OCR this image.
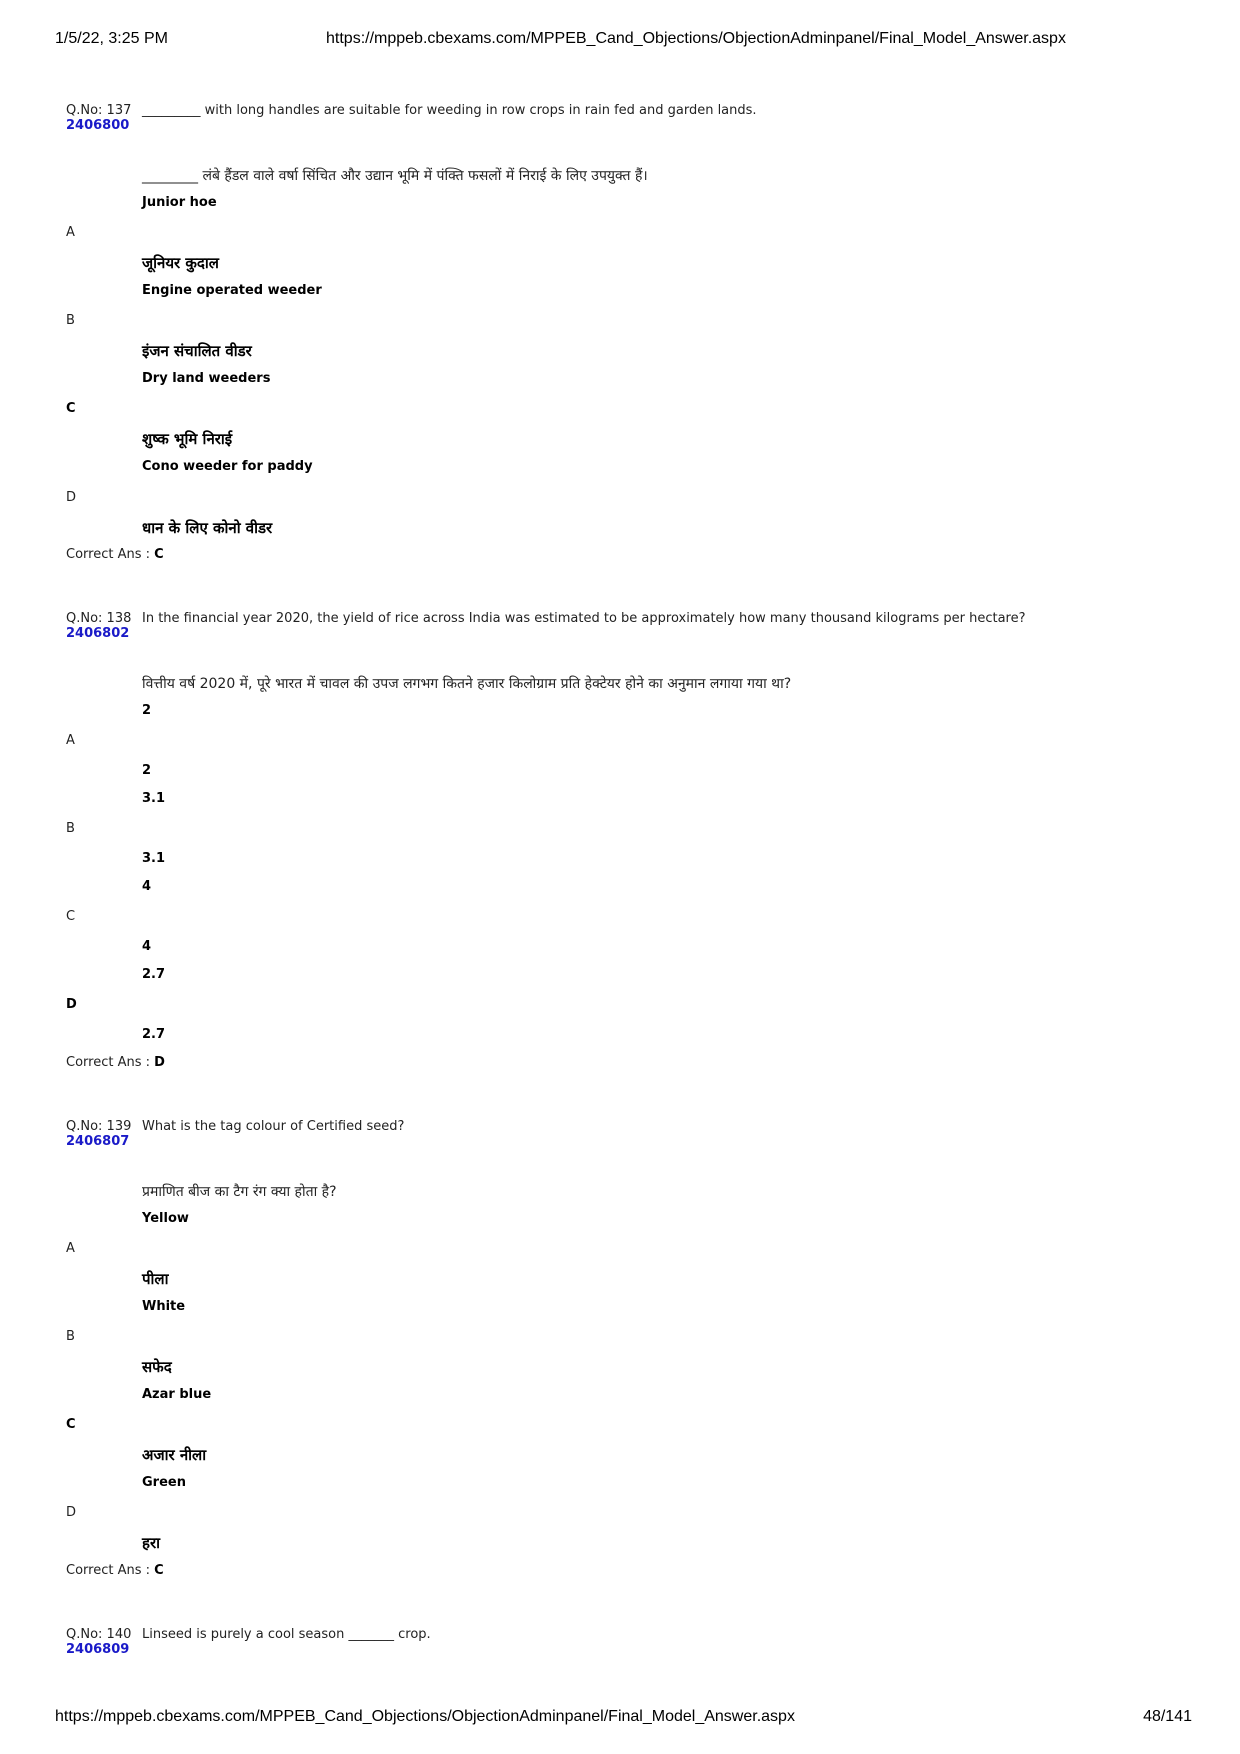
1/5/22, 3:25 PM	https://mppeb.cbexams.com/MPPEB_Cand_Objections/ObjectionAdminpanel/Final_Model_Answer.aspx
Q.No: 137
2406800
_________ with long handles are suitable for weeding in row crops in rain fed and garden lands.
________ लंबे हैंडल वाले वर्षा सिंचित और उद्यान भूमि में पंक्ति फसलों में निराई के लिए उपयुक्त हैं।
Junior hoe
A
जूनियर कुदाल
Engine operated weeder
B
इंजन संचालित वीडर
Dry land weeders
C
शुष्क भूमि निराई
Cono weeder for paddy
D
धान के लिए कोनो वीडर
Correct Ans : C
Q.No: 138
2406802
In the financial year 2020, the yield of rice across India was estimated to be approximately how many thousand kilograms per hectare?
वित्तीय वर्ष 2020 में, पूरे भारत में चावल की उपज लगभग कितने हजार किलोग्राम प्रति हेक्टेयर होने का अनुमान लगाया गया था?
2
A
2
3.1
B
3.1
4
C
4
2.7
D
2.7
Correct Ans : D
Q.No: 139
2406807
What is the tag colour of Certified seed?
प्रमाणित बीज का टैग रंग क्या होता है?
Yellow
A
पीला
White
B
सफेद
Azar blue
C
अजार नीला
Green
D
हरा
Correct Ans : C
Q.No: 140
2406809
Linseed is purely a cool season _______ crop.
https://mppeb.cbexams.com/MPPEB_Cand_Objections/ObjectionAdminpanel/Final_Model_Answer.aspx	48/141
